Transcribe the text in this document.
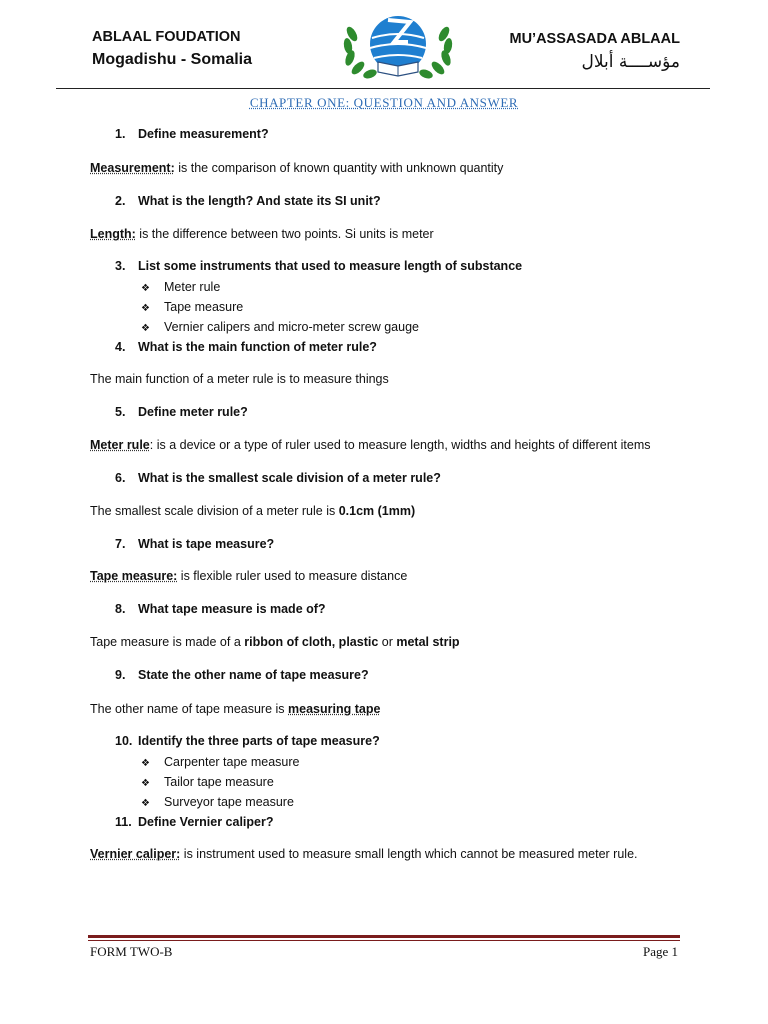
ABLAAL FOUDATION
Mogadishu - Somalia
MU’ASSASADA ABLAAL
مؤســــة أبلال
CHAPTER ONE: QUESTION AND ANSWER
1. Define measurement?
Measurement: is the comparison of known quantity with unknown quantity
2. What is the length? And state its SI unit?
Length: is the difference between two points. Si units is meter
3. List some instruments that used to measure length of substance
❖ Meter rule
❖ Tape measure
❖ Vernier calipers and micro-meter screw gauge
4. What is the main function of meter rule?
The main function of a meter rule is to measure things
5. Define meter rule?
Meter rule: is a device or a type of ruler used to measure length, widths and heights of different items
6. What is the smallest scale division of a meter rule?
The smallest scale division of a meter rule is 0.1cm (1mm)
7. What is tape measure?
Tape measure: is flexible ruler used to measure distance
8. What tape measure is made of?
Tape measure is made of a ribbon of cloth, plastic or metal strip
9. State the other name of tape measure?
The other name of tape measure is measuring tape
10. Identify the three parts of tape measure?
❖ Carpenter tape measure
❖ Tailor tape measure
❖ Surveyor tape measure
11. Define Vernier caliper?
Vernier caliper: is instrument used to measure small length which cannot be measured meter rule.
FORM TWO-B	Page 1
